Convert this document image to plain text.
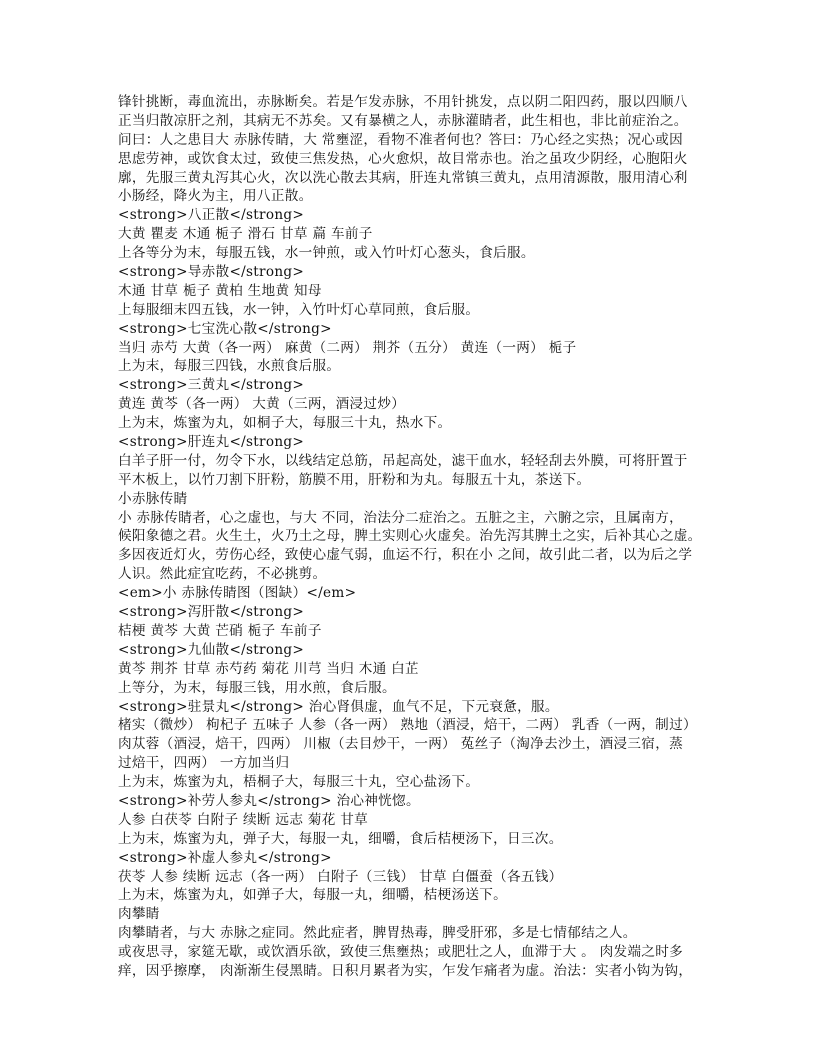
锋针挑断，毒血流出，赤脉断矣。若是乍发赤脉，不用针挑发，点以阴二阳四药，服以四顺八
正当归散凉肝之剂，其病无不苏矣。又有暴横之人，赤脉灌睛者，此生相也，非比前症治之。
问曰：人之患目大 赤脉传睛，大 常壅涩，看物不准者何也？答曰：乃心经之实热；况心或因
思虑劳神，或饮食太过，致使三焦发热，心火愈炽，故目常赤也。治之虽攻少阴经，心胞阳火
廓，先服三黄丸泻其心火，次以洗心散去其病，肝连丸常镇三黄丸，点用清源散，服用清心利
小肠经，降火为主，用八正散。
<strong>八正散</strong>
大黄 瞿麦 木通 栀子 滑石 甘草 萹 车前子
上各等分为末，每服五钱，水一钟煎，或入竹叶灯心葱头，食后服。
<strong>导赤散</strong>
木通 甘草 栀子 黄柏 生地黄 知母
上每服细末四五钱，水一钟，入竹叶灯心草同煎，食后服。
<strong>七宝洗心散</strong>
当归 赤芍 大黄（各一两） 麻黄（二两） 荆芥（五分） 黄连（一两） 栀子
上为末，每服三四钱，水煎食后服。
<strong>三黄丸</strong>
黄连 黄芩（各一两） 大黄（三两，酒浸过炒）
上为末，炼蜜为丸，如桐子大，每服三十丸，热水下。
<strong>肝连丸</strong>
白羊子肝一付，勿令下水，以线结定总筋，吊起高处，滤干血水，轻轻刮去外膜，可将肝置于
平木板上，以竹刀割下肝粉，筋膜不用，肝粉和为丸。每服五十丸，茶送下。
小赤脉传睛
小 赤脉传睛者，心之虚也，与大 不同，治法分二症治之。五脏之主，六腑之宗，且属南方，
候阳象德之君。火生土，火乃土之母，脾土实则心火虚矣。治先泻其脾土之实，后补其心之虚。
多因夜近灯火，劳伤心经，致使心虚气弱，血运不行，积在小 之间，故引此二者，以为后之学
人识。然此症宜吃药，不必挑剪。
<em>小 赤脉传睛图（图缺）</em>
<strong>泻肝散</strong>
桔梗 黄芩 大黄 芒硝 栀子 车前子
<strong>九仙散</strong>
黄芩 荆芥 甘草 赤芍药 菊花 川芎 当归 木通 白芷
上等分，为末，每服三钱，用水煎，食后服。
<strong>驻景丸</strong> 治心肾俱虚，血气不足，下元衰惫，服。
楮实（微炒） 枸杞子 五味子 人参（各一两） 熟地（酒浸，焙干，二两） 乳香（一两，制过）
肉苁蓉（酒浸，焙干，四两） 川椒（去目炒干，一两） 菟丝子（淘净去沙土，酒浸三宿，蒸
过焙干，四两） 一方加当归
上为末，炼蜜为丸，梧桐子大，每服三十丸，空心盐汤下。
<strong>补劳人参丸</strong> 治心神恍惚。
人参 白茯苓 白附子 续断 远志 菊花 甘草
上为末，炼蜜为丸，弹子大，每服一丸，细嚼，食后桔梗汤下，日三次。
<strong>补虚人参丸</strong>
茯苓 人参 续断 远志（各一两） 白附子（三钱） 甘草 白僵蚕（各五钱）
上为末，炼蜜为丸，如弹子大，每服一丸，细嚼，桔梗汤送下。
肉攀睛
肉攀睛者，与大 赤脉之症同。然此症者，脾胃热毒，脾受肝邪，多是七情郁结之人。
或夜思寻，家筵无歇，或饮酒乐欲，致使三焦壅热；或肥壮之人，血滞于大 。 肉发端之时多
痒，因乎擦摩， 肉渐渐生侵黑睛。日积月累者为实，乍发乍痛者为虚。治法：实者小钩为钩，
